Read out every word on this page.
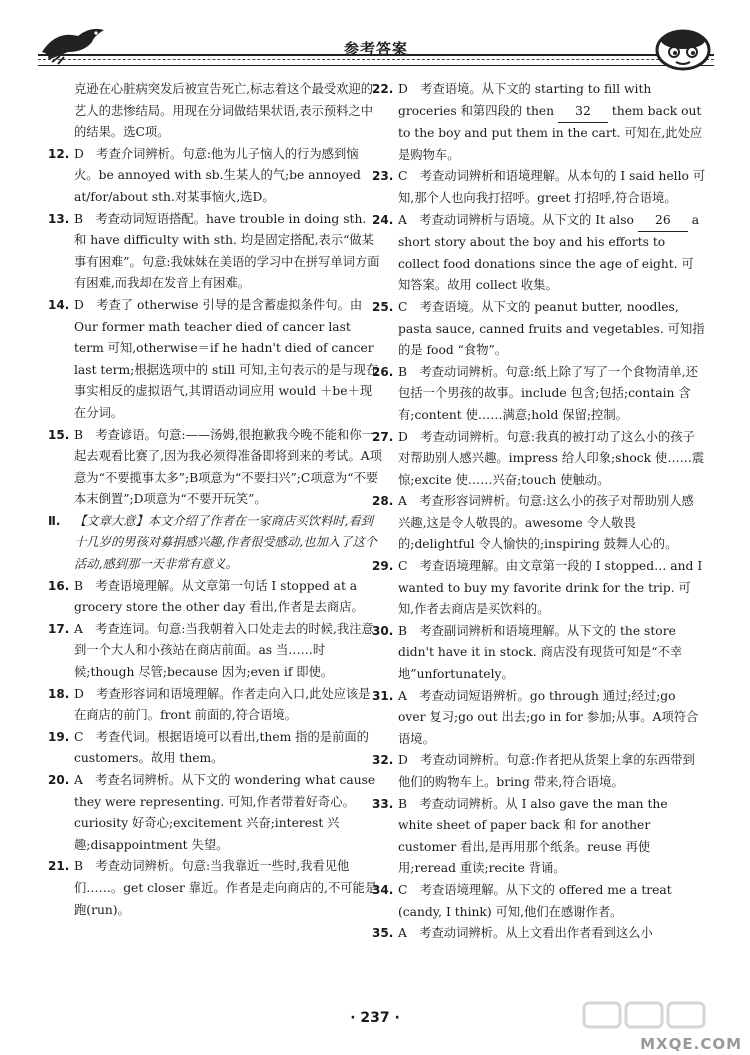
参考答案
克逊在心脏病突发后被宣告死亡,标志着这个最受欢迎的艺人的悲惨结局。用现在分词做结果状语,表示预料之中的结果。选C项。
12. D　考查介词辨析。句意:他为儿子恼人的行为感到恼火。be annoyed with sb.生某人的气;be annoyed at/for/about sth.对某事恼火,选D。
13. B　考查动词短语搭配。have trouble in doing sth. 和 have difficulty with sth. 均是固定搭配,表示“做某事有困难”。句意:我妹妹在美语的学习中在拼写单词方面有困难,而我却在发音上有困难。
14. D　考查了 otherwise 引导的是含蓄虚拟条件句。由 Our former math teacher died of cancer last term 可知,otherwise＝if he hadn't died of cancer last term;根据选项中的 still 可知,主句表示的是与现在事实相反的虚拟语气,其谓语动词应用 would ＋be＋现在分词。
15. B　考查谚语。句意:——汤姆,很抱歉我今晚不能和你一起去观看比赛了,因为我必须得准备即将到来的考试。A项意为“不要揽事太多”;B项意为“不要扫兴”;C项意为“不要本末倒置”;D项意为“不要开玩笑”。
Ⅱ. 【文章大意】本文介绍了作者在一家商店买饮料时,看到十几岁的男孩对募捐感兴趣,作者很受感动,也加入了这个活动,感到那一天非常有意义。
16. B　考查语境理解。从文章第一句话 I stopped at a grocery store the other day 看出,作者是去商店。
17. A　考查连词。句意:当我朝着入口处走去的时候,我注意到一个大人和小孩站在商店前面。as 当……时候;though 尽管;because 因为;even if 即使。
18. D　考查形容词和语境理解。作者走向入口,此处应该是在商店的前门。front 前面的,符合语境。
19. C　考查代词。根据语境可以看出,them 指的是前面的 customers。故用 them。
20. A　考查名词辨析。从下文的 wondering what cause they were representing. 可知,作者带着好奇心。curiosity 好奇心;excitement 兴奋;interest 兴趣;disappointment 失望。
21. B　考查动词辨析。句意:当我靠近一些时,我看见他们……。get closer 靠近。作者是走向商店的,不可能是跑(run)。
22. D　考查语境。从下文的 starting to fill with groceries 和第四段的 then 32 them back out to the boy and put them in the cart. 可知在,此处应是购物车。
23. C　考查动词辨析和语境理解。从本句的 I said hello 可知,那个人也向我打招呼。greet 打招呼,符合语境。
24. A　考查动词辨析与语境。从下文的 It also 26 a short story about the boy and his efforts to collect food donations since the age of eight. 可知答案。故用 collect 收集。
25. C　考查语境。从下文的 peanut butter, noodles, pasta sauce, canned fruits and vegetables. 可知指的是 food “食物”。
26. B　考查动词辨析。句意:纸上除了写了一个食物清单,还包括一个男孩的故事。include 包含;包括;contain 含有;content 使……满意;hold 保留;控制。
27. D　考查动词辨析。句意:我真的被打动了这么小的孩子对帮助别人感兴趣。impress 给人印象;shock 使……震惊;excite 使……兴奋;touch 使触动。
28. A　考查形容词辨析。句意:这么小的孩子对帮助别人感兴趣,这是令人敬畏的。awesome 令人敬畏的;delightful 令人愉快的;inspiring 鼓舞人心的。
29. C　考查语境理解。由文章第一段的 I stopped… and I wanted to buy my favorite drink for the trip. 可知,作者去商店是买饮料的。
30. B　考查副词辨析和语境理解。从下文的 the store didn't have it in stock. 商店没有现货可知是“不幸地”unfortunately。
31. A　考查动词短语辨析。go through 通过;经过;go over 复习;go out 出去;go in for 参加;从事。A项符合语境。
32. D　考查动词辨析。句意:作者把从货架上拿的东西带到他们的购物车上。bring 带来,符合语境。
33. B　考查动词辨析。从 I also gave the man the white sheet of paper back 和 for another customer 看出,是再用那个纸条。reuse 再使用;reread 重读;recite 背诵。
34. C　考查语境理解。从下文的 offered me a treat (candy, I think) 可知,他们在感谢作者。
35. A　考查动词辨析。从上文看出作者看到这么小
· 237 ·
MXQE.COM
